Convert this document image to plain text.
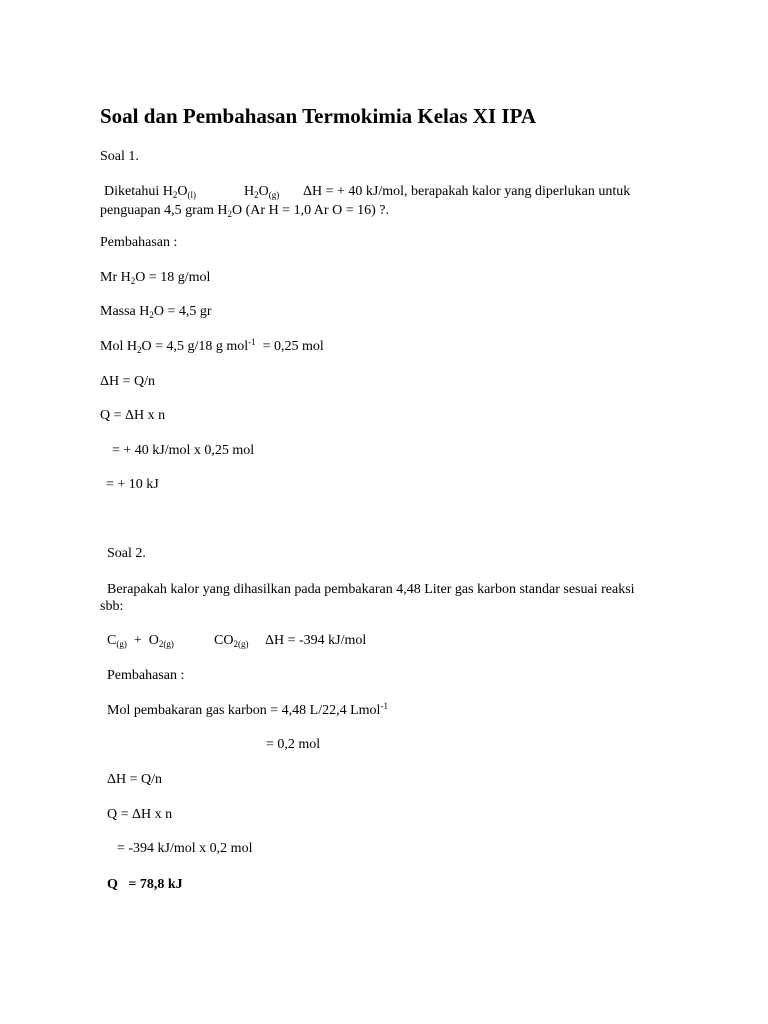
Soal dan Pembahasan Termokimia Kelas XI IPA
Soal 1.
Diketahui $H_2O_{(l)}$	$H_2O_{(g)}$ ΔH = + 40 kJ/mol, berapakah kalor yang diperlukan untuk
penguapan 4,5 gram $H_2O$ (Ar H = 1,0 Ar O = 16) ?.
Pembahasan :
Mr $H_2O = 18$ g/mol
Massa $H_2O = 4,5$ gr
Mol $H_2O = 4,5$ g/18 g mol$^{-1}$  = 0,25 mol
ΔH = Q/n
Q = ΔH x n
= + 40 kJ/mol x 0,25 mol
= + 10 kJ
Soal 2.
Berapakah kalor yang dihasilkan pada pembakaran 4,48 Liter gas karbon standar sesuai reaksi
sbb:
$C_{(g)} + O_{2(g)}$	$CO_{2(g)}$ ΔH = -394 kJ/mol
Pembahasan :
Mol pembakaran gas karbon = 4,48 L/22,4 Lmol$^{-1}$
= 0,2 mol
ΔH = Q/n
Q = ΔH x n
= -394 kJ/mol x 0,2 mol
Q   = 78,8 kJ
